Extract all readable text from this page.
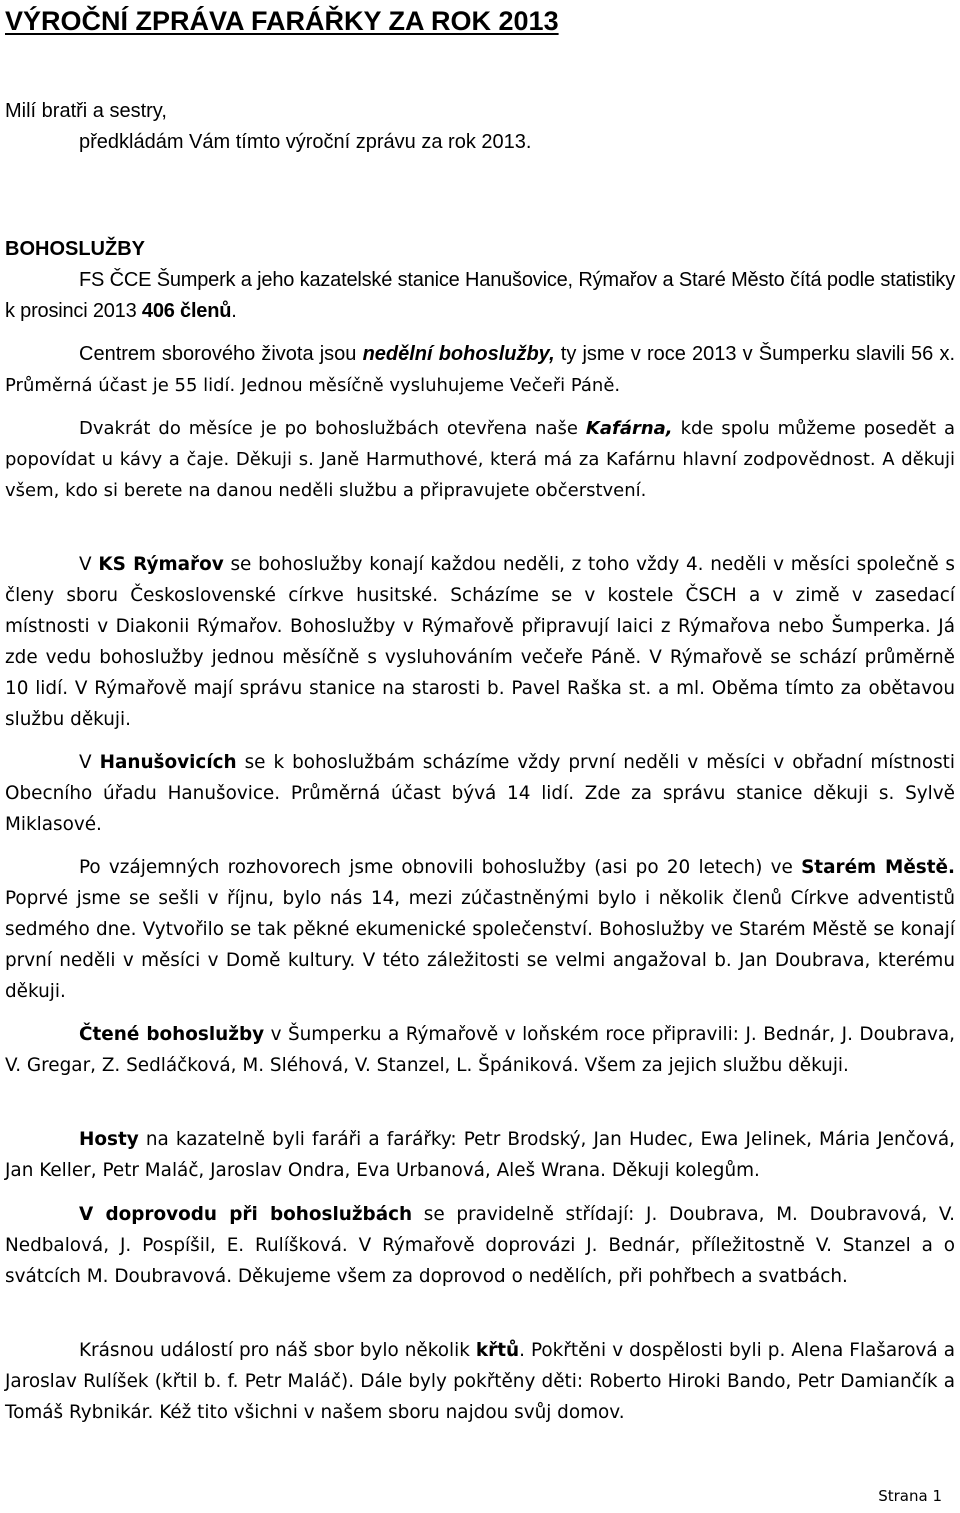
VÝROČNÍ ZPRÁVA FARÁŘKY ZA ROK 2013

Milí bratři a sestry,

předkládám Vám tímto výroční zprávu za rok 2013.

BOHOSLUŽBY

FS ČCE Šumperk a jeho kazatelské stanice Hanušovice, Rýmařov a Staré Město čítá podle statistiky k prosinci 2013 406 členů.

Centrem sborového života jsou nedělní bohoslužby, ty jsme v roce 2013 v Šumperku slavili 56 x. Průměrná účast je 55 lidí. Jednou měsíčně vysluhujeme Večeři Páně.

Dvakrát do měsíce je po bohoslužbách otevřena naše Kafárna, kde spolu můžeme posedět a popovídat u kávy a čaje. Děkuji s. Janě Harmuthové, která má za Kafárnu hlavní zodpovědnost. A děkuji všem, kdo si berete na danou neděli službu a připravujete občerstvení.

V KS Rýmařov se bohoslužby konají každou neděli, z toho vždy 4. neděli v měsíci společně s členy sboru Československé církve husitské. Scházíme se v kostele ČSCH a v zimě v zasedací místnosti v Diakonii Rýmařov. Bohoslužby v Rýmařově připravují laici z Rýmařova nebo Šumperka. Já zde vedu bohoslužby jednou měsíčně s vysluhováním večeře Páně. V Rýmařově se schází průměrně 10 lidí. V Rýmařově mají správu stanice na starosti b. Pavel Raška st. a ml. Oběma tímto za obětavou službu děkuji.

V Hanušovicích se k bohoslužbám scházíme vždy první neděli v měsíci v obřadní místnosti Obecního úřadu Hanušovice. Průměrná účast bývá 14 lidí. Zde za správu stanice děkuji s. Sylvě Miklasové.

Po vzájemných rozhovorech jsme obnovili bohoslužby (asi po 20 letech) ve Starém Městě. Poprvé jsme se sešli v říjnu, bylo nás 14, mezi zúčastněnými bylo i několik členů Církve adventistů sedmého dne. Vytvořilo se tak pěkné ekumenické společenství. Bohoslužby ve Starém Městě se konají první neděli v měsíci v Domě kultury. V této záležitosti se velmi angažoval b. Jan Doubrava, kterému děkuji.

Čtené bohoslužby v Šumperku a Rýmařově v loňském roce připravili: J. Bednár, J. Doubrava, V. Gregar, Z. Sedláčková, M. Sléhová, V. Stanzel, L. Špániková. Všem za jejich službu děkuji.

Hosty na kazatelně byli faráři a farářky: Petr Brodský, Jan Hudec, Ewa Jelinek, Mária Jenčová, Jan Keller, Petr Maláč, Jaroslav Ondra, Eva Urbanová, Aleš Wrana. Děkuji kolegům.

V doprovodu při bohoslužbách se pravidelně střídají: J. Doubrava, M. Doubravová, V. Nedbalová, J. Pospíšil, E. Rulíšková. V Rýmařově doprovázi J. Bednár, příležitostně V. Stanzel a o svátcích M. Doubravová. Děkujeme všem za doprovod o nedělích, při pohřbech a svatbách.

Krásnou událostí pro náš sbor bylo několik křtů. Pokřtěni v dospělosti byli p. Alena Flašarová a Jaroslav Rulíšek (křtil b. f. Petr Maláč). Dále byly pokřtěny děti: Roberto Hiroki Bando, Petr Damiančík a Tomáš Rybnikár. Kéž tito všichni v našem sboru najdou svůj domov.

Strana 1
